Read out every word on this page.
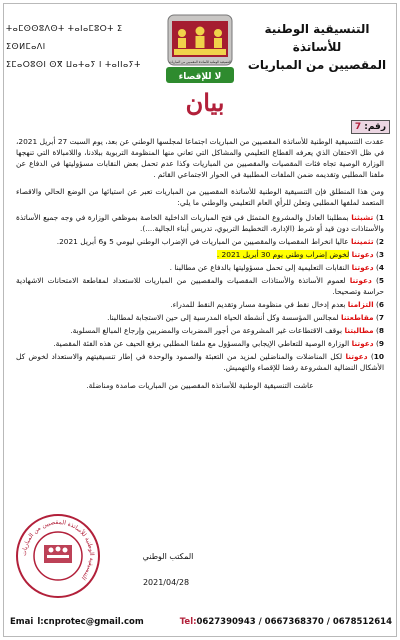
ⵜⴰⵎⵙⵙⵓⴷⵙⵜ ⵜⴰⵏⴰⵎⵓⵔⵜ ⵉ ⵉⵙⵍⵎⴰⴷⵏ
ⵉⵎⴰⵔⵓⵙⵏ ⵙⴳ ⵡⴰⵜⴰⵢ ⵏ ⵜⴰⵏⵏⴰⵢⵜ
التنسيقية الوطنية للأساتذة
المقصيين من المباريات
لا للإقصاء
التنسيقية الوطنية للأساتذة المقصيين من المباريات
بيان
رقم: 7

عقدت التنسيقية الوطنية للأساتذة المقصيين من المباريات اجتماعا لمجلسها الوطني عن بعد، يوم السبت 27 أبريل 2021، في ظل الاحتقان الذي يعرفه القطاع التعليمي والمشاكل التي تعاني منها المنظومة التربوية ببلادنا، واللامبالاة التي تنهجها الوزارة الوصية تجاه فئات المقصيات والمقصيين من المباريات وكذا عدم تحمل بعض النقابات مسؤوليتها في الدفاع عن ملفنا المطلبي وتقديمه ضمن الملفات المطلبية في الحوار الاجتماعي القائم .

ومن هذا المنطلق فإن التنسيقية الوطنية للأساتذة المقصيين من المباريات تعبر عن استيائها من الوضع الحالي والاقصاء المتعمد لملفها المطلبي وتعلن للرأي العام التعليمي والوطني ما يلي:

1) تشبثنا بمطلبنا العادل والمشروع المتمثل في فتح المباريات الداخلية الخاصة بموظفي الوزارة في وجه جميع الأساتذة والأستاذات دون قيد أو شرط (الإدارة، التخطيط التربوي، تدريس أبناء الجالية....).
2) تثميننا عاليا انخراط المقصيات والمقصيين من المباريات في الإضراب الوطني ليومي 5 و6 أبريل 2021.
3) دعوتنا لخوض إضراب وطني يوم 30 أبريل 2021 .
4) دعوتنا النقابات التعليمية إلى تحمل مسؤوليتها بالدفاع عن مطالبنا .
5) دعوتنا لعموم الأساتذة والأستاذات المقصيات والمقصيين من المباريات للاستعداد لمقاطعة الامتحانات الاشهادية حراسة وتصحيحا.
6) التزامنا بعدم إدخال نقط في منظومة مسار وتقديم النقط للمدراء.
7) مقاطعتنا لمجالس المؤسسة وكل أنشطة الحياة المدرسية إلى حين الاستجابة لمطالبنا.
8) مطالبتنا بوقف الاقتطاعات غير المشروعة من أجور المضربات والمضربين وإرجاع المبالغ المسلوبة.
9) دعوتنا الوزارة الوصية للتعاطي الإيجابي والمسؤول مع ملفنا المطلبي برفع الحيف عن هذه الفئة المقصية.
10) دعوتنا لكل المناضلات والمناضلين لمزيد من التعبئة والصمود والوحدة في إطار تنسيقيتهم والاستعداد لخوض كل الأشكال النضالية المشروعة رفضا للإقصاء والتهميش.

عاشت التنسيقية الوطنية للأساتذة المقصيين من المباريات صامدة ومناضلة.

التنسيقية الوطنية للأساتذة المقصيين من المباريات
المكتب الوطني
2021/04/28
Emai l:cnprotec@gmail.com	Tel:0627390943 / 0667368370 / 0678512614
